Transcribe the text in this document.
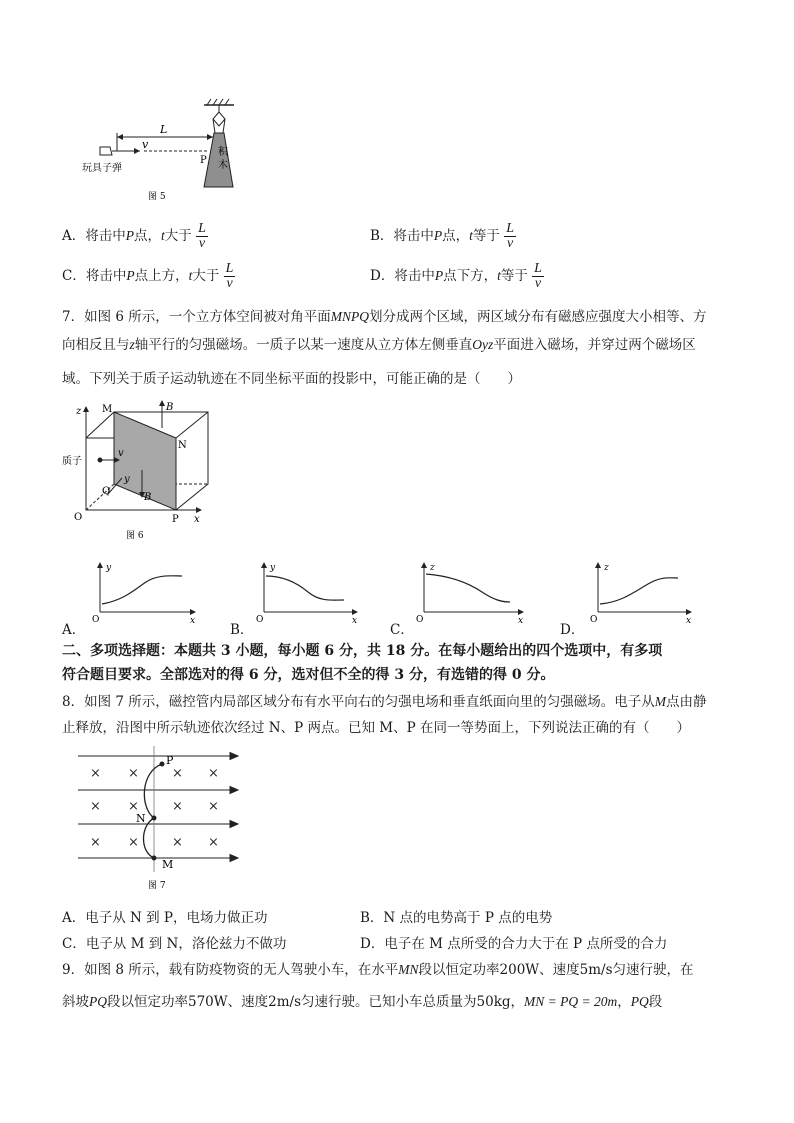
积
木
L
v
P
玩具子弹
图 5
A．将击中P点，t大于 $\frac{L}{v}$	B．将击中P点，t等于 $\frac{L}{v}$
C．将击中P点上方，t大于 $\frac{L}{v}$	D．将击中P点下方，t等于 $\frac{L}{v}$
7．如图 6 所示，一个立方体空间被对角平面MNPQ划分成两个区域，两区域分布有磁感应强度大小相等、方
向相反且与z轴平行的匀强磁场。一质子以某一速度从立方体左侧垂直Oyz平面进入磁场，并穿过两个磁场区
域。下列关于质子运动轨迹在不同坐标平面的投影中，可能正确的是（　　）
z
x
O
M
N
P
Q
B
B
质子
v
y
图 6
A．
y
x
O
B．
y
x
O
C．
z
x
O
D．
z
x
O
二、多项选择题：本题共 3 小题，每小题 6 分，共 18 分。在每小题给出的四个选项中，有多项
符合题目要求。全部选对的得 6 分，选对但不全的得 3 分，有选错的得 0 分。
8．如图 7 所示，磁控管内局部区域分布有水平向右的匀强电场和垂直纸面向里的匀强磁场。电子从M点由静
止释放，沿图中所示轨迹依次经过 N、P 两点。已知 M、P 在同一等势面上，下列说法正确的有（　　）
× ×	× ×
× ×	× ×
× ×	× ×
P
N
M
图 7
A．电子从 N 到 P，电场力做正功	B．N 点的电势高于 P 点的电势
C．电子从 M 到 N，洛伦兹力不做功	D．电子在 M 点所受的合力大于在 P 点所受的合力
9．如图 8 所示，载有防疫物资的无人驾驶小车，在水平MN段以恒定功率200W、速度5m/s匀速行驶，在
斜坡PQ段以恒定功率570W、速度2m/s匀速行驶。已知小车总质量为50kg，MN = PQ = 20m，PQ段
